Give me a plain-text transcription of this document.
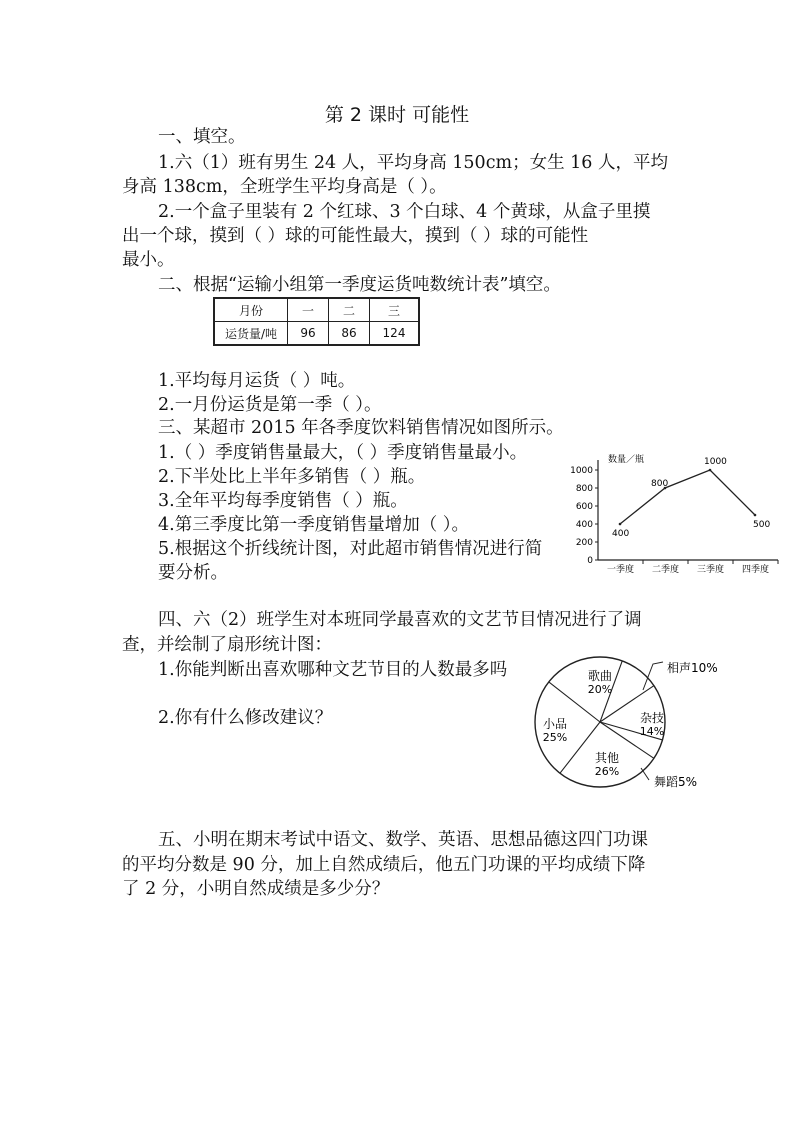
第 2 课时 可能性
一、填空。
1.六（1）班有男生 24 人，平均身高 150cm；女生 16 人，平均
身高 138cm，全班学生平均身高是（ ）。
2.一个盒子里装有 2 个红球、3 个白球、4 个黄球，从盒子里摸
出一个球，摸到（ ）球的可能性最大，摸到（ ）球的可能性
最小。
二、根据“运输小组第一季度运货吨数统计表”填空。
月份	一	二	三
运货量/吨	96	86	124
1.平均每月运货（ ）吨。
2.一月份运货是第一季（ ）。
三、某超市 2015 年各季度饮料销售情况如图所示。
1.（ ）季度销售量最大，（ ）季度销售量最小。
2.下半处比上半年多销售（ ）瓶。
3.全年平均每季度销售（ ）瓶。
4.第三季度比第一季度销售量增加（ ）。
5.根据这个折线统计图，对此超市销售情况进行简
要分析。
数量／瓶
0
200
400
600
800
1000
一季度 二季度 三季度 四季度
400
800
1000
500
四、六（2）班学生对本班同学最喜欢的文艺节目情况进行了调
查，并绘制了扇形统计图：
1.你能判断出喜欢哪种文艺节目的人数最多吗
2.你有什么修改建议？
歌曲
20%
相声10%
杂技
14%
舞蹈5%
其他
26%
小品
25%
五、小明在期末考试中语文、数学、英语、思想品德这四门功课
的平均分数是 90 分，加上自然成绩后，他五门功课的平均成绩下降
了 2 分，小明自然成绩是多少分？
